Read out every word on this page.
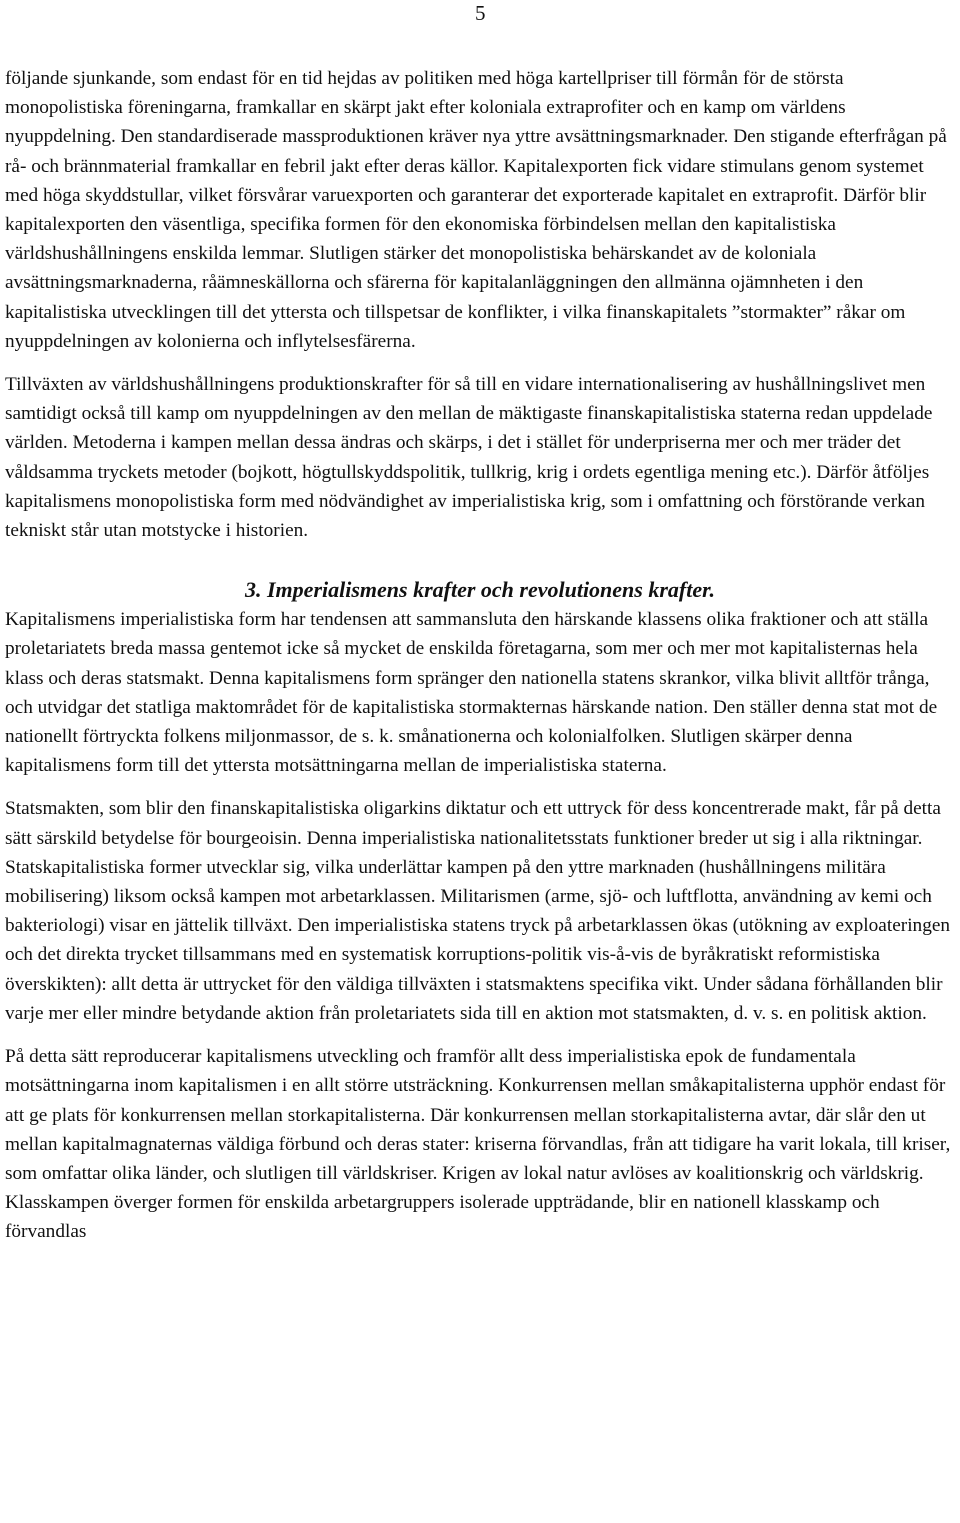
5

följande sjunkande, som endast för en tid hejdas av politiken med höga kartellpriser till förmån för de största monopolistiska föreningarna, framkallar en skärpt jakt efter koloniala extraprofiter och en kamp om världens nyuppdelning. Den standardiserade massproduktionen kräver nya yttre avsättningsmarknader. Den stigande efterfrågan på rå- och brännmaterial framkallar en febril jakt efter deras källor. Kapitalexporten fick vidare stimulans genom systemet med höga skyddstullar, vilket försvårar varuexporten och garanterar det exporterade kapitalet en extraprofit. Därför blir kapitalexporten den väsentliga, specifika formen för den ekonomiska förbindelsen mellan den kapitalistiska världshushållningens enskilda lemmar. Slutligen stärker det monopolistiska behärskandet av de koloniala avsättningsmarknaderna, råämneskällorna och sfärerna för kapitalanläggningen den allmänna ojämnheten i den kapitalistiska utvecklingen till det yttersta och tillspetsar de konflikter, i vilka finanskapitalets ”stormakter” råkar om nyuppdelningen av kolonierna och inflytelsesfärerna.

Tillväxten av världshushållningens produktionskrafter för så till en vidare internationalisering av hushållningslivet men samtidigt också till kamp om nyuppdelningen av den mellan de mäktigaste finanskapitalistiska staterna redan uppdelade världen. Metoderna i kampen mellan dessa ändras och skärps, i det i stället för underpriserna mer och mer träder det våldsamma tryckets metoder (bojkott, högtullskyddspolitik, tullkrig, krig i ordets egentliga mening etc.). Därför åtföljes kapitalismens monopolistiska form med nödvändighet av imperialistiska krig, som i omfattning och förstörande verkan tekniskt står utan motstycke i historien.

3. Imperialismens krafter och revolutionens krafter.

Kapitalismens imperialistiska form har tendensen att sammansluta den härskande klassens olika fraktioner och att ställa proletariatets breda massa gentemot icke så mycket de enskilda företagarna, som mer och mer mot kapitalisternas hela klass och deras statsmakt. Denna kapitalismens form spränger den nationella statens skrankor, vilka blivit alltför trånga, och utvidgar det statliga maktområdet för de kapitalistiska stormakternas härskande nation. Den ställer denna stat mot de nationellt förtryckta folkens miljonmassor, de s. k. smånationerna och kolonialfolken. Slutligen skärper denna kapitalismens form till det yttersta motsättningarna mellan de imperialistiska staterna.

Statsmakten, som blir den finanskapitalistiska oligarkins diktatur och ett uttryck för dess koncentrerade makt, får på detta sätt särskild betydelse för bourgeoisin. Denna imperialistiska nationalitetsstats funktioner breder ut sig i alla riktningar. Statskapitalistiska former utvecklar sig, vilka underlättar kampen på den yttre marknaden (hushållningens militära mobilisering) liksom också kampen mot arbetarklassen. Militarismen (arme, sjö- och luftflotta, användning av kemi och bakteriologi) visar en jättelik tillväxt. Den imperialistiska statens tryck på arbetarklassen ökas (utökning av exploateringen och det direkta trycket tillsammans med en systematisk korruptions-politik vis-å-vis de byråkratiskt reformistiska överskikten): allt detta är uttrycket för den väldiga tillväxten i statsmaktens specifika vikt. Under sådana förhållanden blir varje mer eller mindre betydande aktion från proletariatets sida till en aktion mot statsmakten, d. v. s. en politisk aktion.

På detta sätt reproducerar kapitalismens utveckling och framför allt dess imperialistiska epok de fundamentala motsättningarna inom kapitalismen i en allt större utsträckning. Konkurrensen mellan småkapitalisterna upphör endast för att ge plats för konkurrensen mellan storkapitalisterna. Där konkurrensen mellan storkapitalisterna avtar, där slår den ut mellan kapitalmagnaternas väldiga förbund och deras stater: kriserna förvandlas, från att tidigare ha varit lokala, till kriser, som omfattar olika länder, och slutligen till världskriser. Krigen av lokal natur avlöses av koalitionskrig och världskrig. Klasskampen överger formen för enskilda arbetargruppers isolerade uppträdande, blir en nationell klasskamp och förvandlas
